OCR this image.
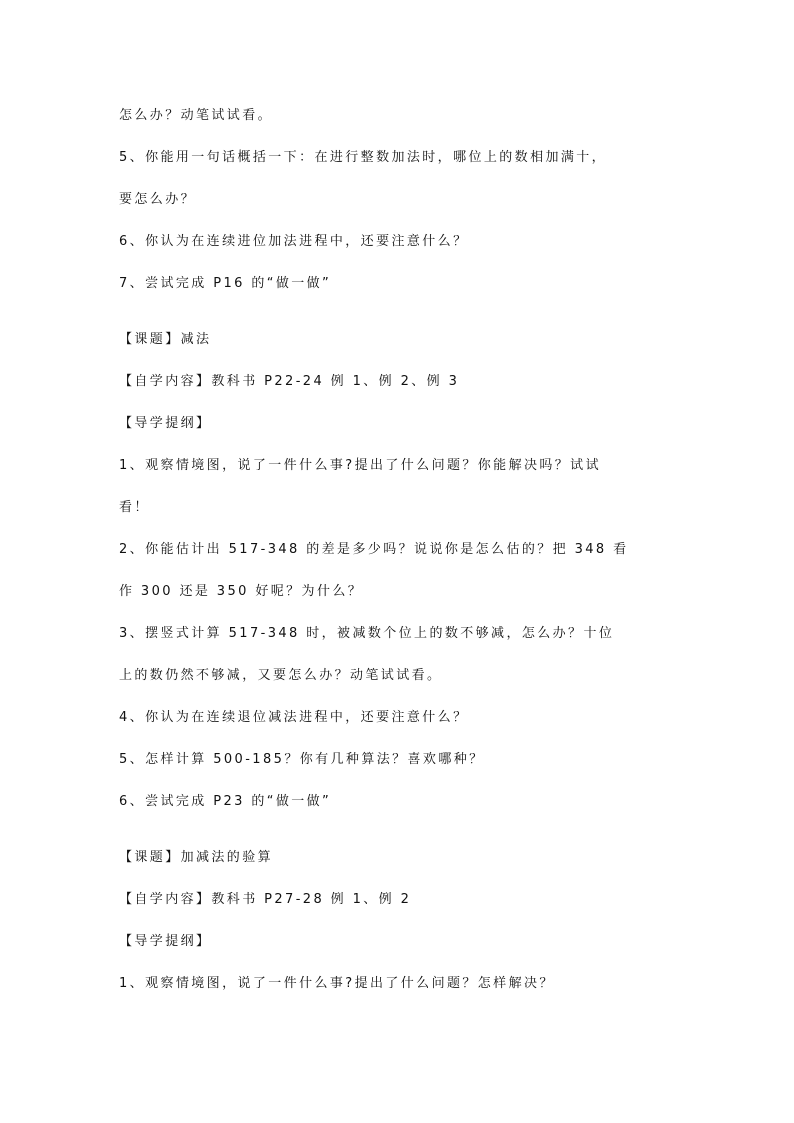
怎么办？动笔试试看。
5、你能用一句话概括一下：在进行整数加法时，哪位上的数相加满十，
要怎么办？
6、你认为在连续进位加法进程中，还要注意什么？
7、尝试完成 P16 的“做一做”
【课题】减法
【自学内容】教科书 P22-24 例 1、例 2、例 3
【导学提纲】
1、观察情境图，说了一件什么事?提出了什么问题？你能解决吗？试试
看！
2、你能估计出 517-348 的差是多少吗？说说你是怎么估的？把 348 看
作 300 还是 350 好呢？为什么？
3、摆竖式计算 517-348 时，被减数个位上的数不够减，怎么办？十位
上的数仍然不够减，又要怎么办？动笔试试看。
4、你认为在连续退位减法进程中，还要注意什么？
5、怎样计算 500-185？你有几种算法？喜欢哪种？
6、尝试完成 P23 的“做一做”
【课题】加减法的验算
【自学内容】教科书 P27-28 例 1、例 2
【导学提纲】
1、观察情境图，说了一件什么事?提出了什么问题？怎样解决？
